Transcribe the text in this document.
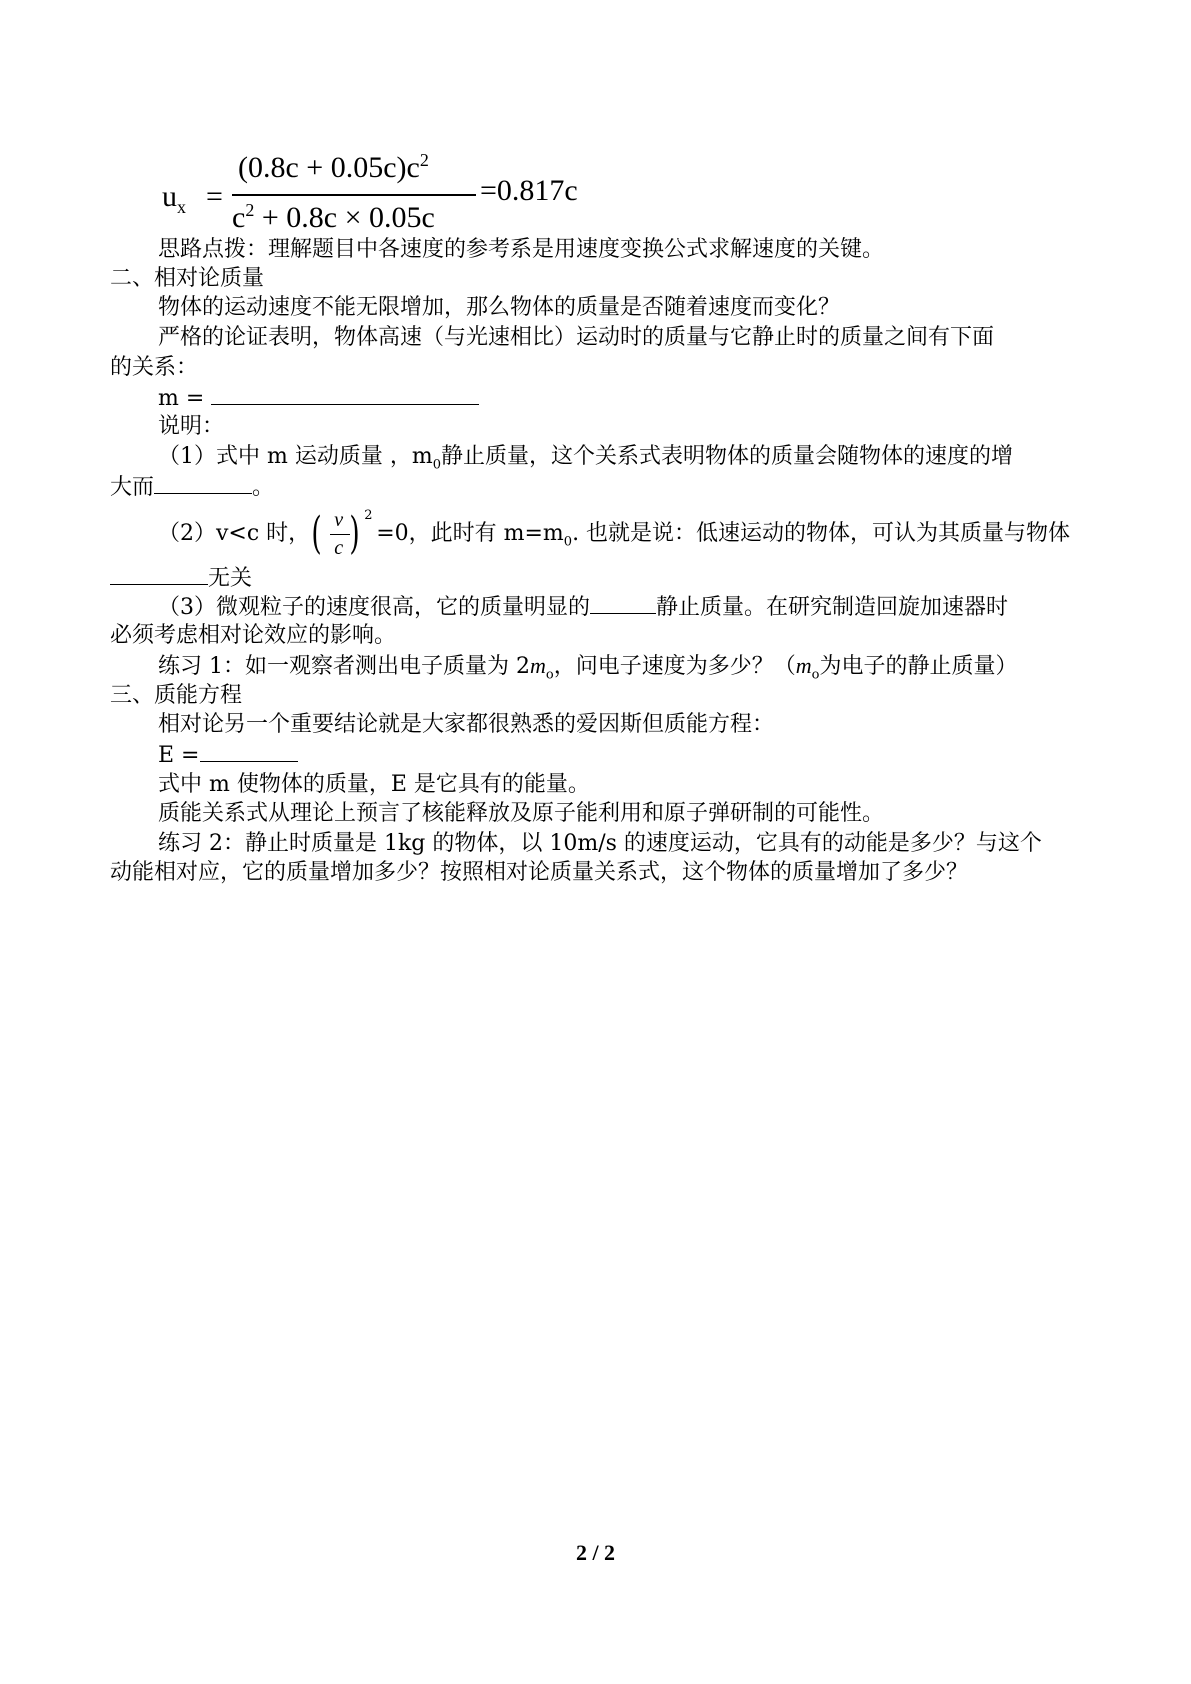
$u_x$ =
$(0.8c + 0.05c)c^2$
$c^2 + 0.8c \times 0.05c$
=0.817c
思路点拨：理解题目中各速度的参考系是用速度变换公式求解速度的关键。
二、相对论质量
物体的运动速度不能无限增加，那么物体的质量是否随着速度而变化？
严格的论证表明，物体高速（与光速相比）运动时的质量与它静止时的质量之间有下面
的关系：
m =
说明：
（1）式中 m 运动质量 ，$m_0$静止质量，这个关系式表明物体的质量会随物体的速度的增
大而	。
（2）v<c 时， ( v
c ) 2
=0，此时有 $m=m_0$. 也就是说：低速运动的物体，可认为其质量与物体
无关
（3）微观粒子的速度很高，它的质量明显的	静止质量。在研究制造回旋加速器时
必须考虑相对论效应的影响。
练习 1：如一观察者测出电子质量为 $2m_o$，问电子速度为多少？（$m_o$为电子的静止质量）
三、质能方程
相对论另一个重要结论就是大家都很熟悉的爱因斯但质能方程：
E =
式中 m 使物体的质量，E 是它具有的能量。
质能关系式从理论上预言了核能释放及原子能利用和原子弹研制的可能性。
练习 2：静止时质量是 1kg 的物体，以 10m/s 的速度运动，它具有的动能是多少？与这个
动能相对应，它的质量增加多少？按照相对论质量关系式，这个物体的质量增加了多少？
2 / 2
